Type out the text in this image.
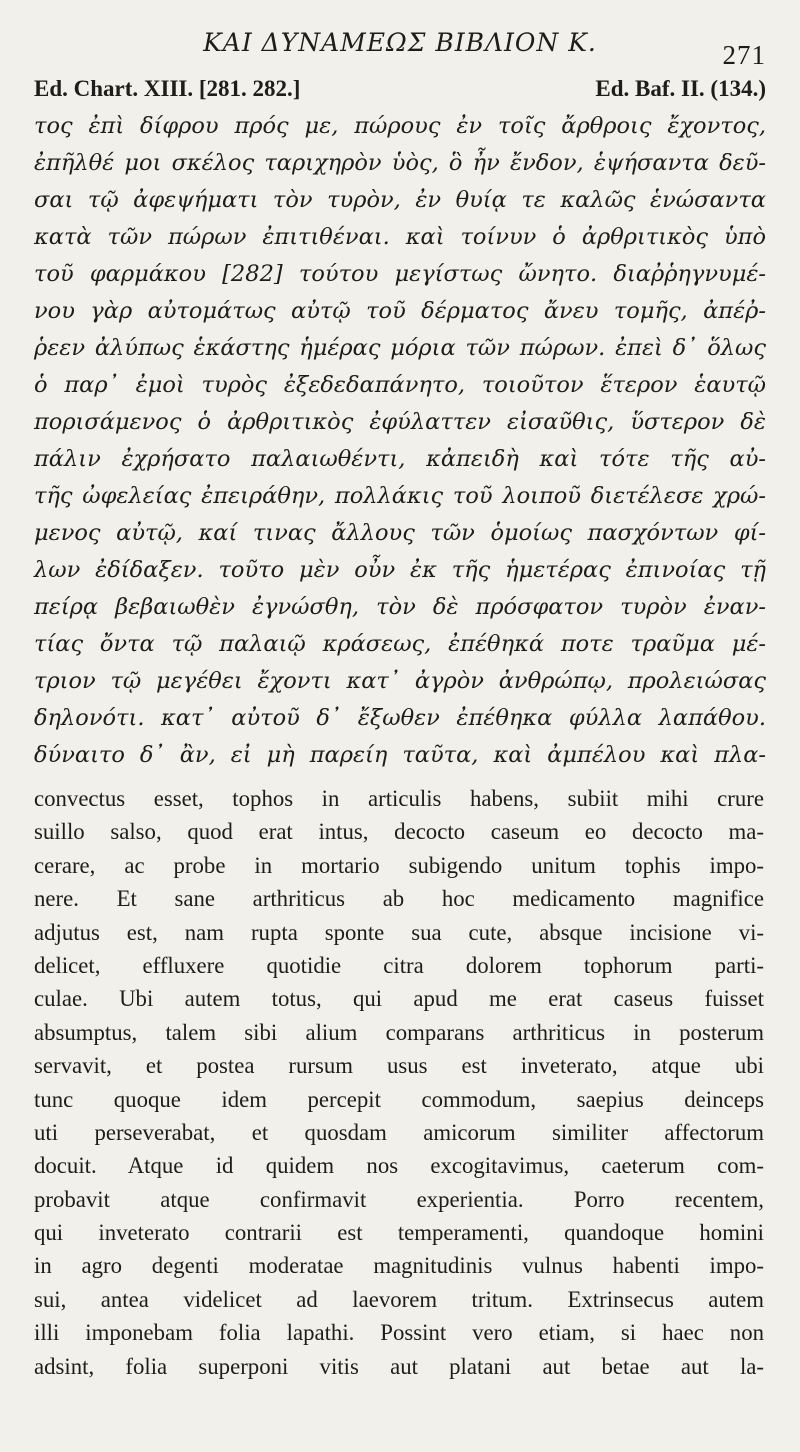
ΚΑΙ ΔΥΝΑΜΕΩΣ ΒΙΒΛΙΟΝ Κ.	271
Ed. Chart. XIII. [281. 282.]	Ed. Baf. II. (134.)
τος ἐπὶ δίφρου πρός με, πώρους ἐν τοῖς ἄρθροις ἔχοντος,
ἐπῆλθέ μοι σκέλος ταριχηρὸν ὑὸς, ὃ ἦν ἔνδον, ἑψήσαντα δεῦ-
σαι τῷ ἀφεψήματι τὸν τυρὸν, ἐν θυίᾳ τε καλῶς ἑνώσαντα
κατὰ τῶν πώρων ἐπιτιθέναι. καὶ τοίνυν ὁ ἀρθριτικὸς ὑπὸ
τοῦ φαρμάκου [282] τούτου μεγίστως ὤνητο. διαῤῥηγνυμέ-
νου γὰρ αὐτομάτως αὐτῷ τοῦ δέρματος ἄνευ τομῆς, ἀπέῤ-
ῥεεν ἀλύπως ἑκάστης ἡμέρας μόρια τῶν πώρων. ἐπεὶ δ᾽ ὅλως
ὁ παρ᾽ ἐμοὶ τυρὸς ἐξεδεδαπάνητο, τοιοῦτον ἕτερον ἑαυτῷ
πορισάμενος ὁ ἀρθριτικὸς ἐφύλαττεν εἰσαῦθις, ὕστερον δὲ
πάλιν ἐχρήσατο παλαιωθέντι, κἀπειδὴ καὶ τότε τῆς αὐ-
τῆς ὠφελείας ἐπειράθην, πολλάκις τοῦ λοιποῦ διετέλεσε χρώ-
μενος αὐτῷ, καί τινας ἄλλους τῶν ὁμοίως πασχόντων φί-
λων ἐδίδαξεν. τοῦτο μὲν οὖν ἐκ τῆς ἡμετέρας ἐπινοίας τῇ
πείρᾳ βεβαιωθὲν ἐγνώσθη, τὸν δὲ πρόσφατον τυρὸν ἐναν-
τίας ὄντα τῷ παλαιῷ κράσεως, ἐπέθηκά ποτε τραῦμα μέ-
τριον τῷ μεγέθει ἔχοντι κατ᾽ ἀγρὸν ἀνθρώπῳ, προλειώσας
δηλονότι. κατ᾽ αὐτοῦ δ᾽ ἔξωθεν ἐπέθηκα φύλλα λαπάθου.
δύναιτο δ᾽ ἂν, εἰ μὴ παρείη ταῦτα, καὶ ἀμπέλου καὶ πλα-
convectus esset, tophos in articulis habens, subiit mihi crure
suillo salso, quod erat intus, decocto caseum eo decocto ma-
cerare, ac probe in mortario subigendo unitum tophis impo-
nere. Et sane arthriticus ab hoc medicamento magnifice
adjutus est, nam rupta sponte sua cute, absque incisione vi-
delicet, effluxere quotidie citra dolorem tophorum parti-
culae. Ubi autem totus, qui apud me erat caseus fuisset
absumptus, talem sibi alium comparans arthriticus in posterum
servavit, et postea rursum usus est inveterato, atque ubi
tunc quoque idem percepit commodum, saepius deinceps
uti perseverabat, et quosdam amicorum similiter affectorum
docuit. Atque id quidem nos excogitavimus, caeterum com-
probavit atque confirmavit experientia. Porro recentem,
qui inveterato contrarii est temperamenti, quandoque homini
in agro degenti moderatae magnitudinis vulnus habenti impo-
sui, antea videlicet ad laevorem tritum. Extrinsecus autem
illi imponebam folia lapathi. Possint vero etiam, si haec non
adsint, folia superponi vitis aut platani aut betae aut la-
